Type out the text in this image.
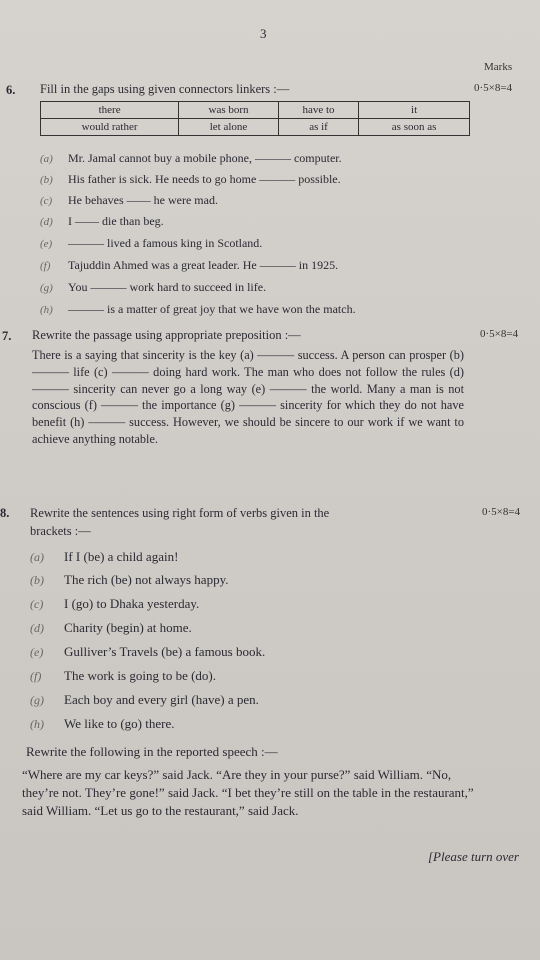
3
Marks
6. Fill in the gaps using given connectors linkers :—	0·5×8=4
there	was born	have to	it
would rather	let alone	as if	as soon as
(a) Mr. Jamal cannot buy a mobile phone, ——— computer.
(b) His father is sick. He needs to go home ——— possible.
(c) He behaves —— he were mad.
(d) I —— die than beg.
(e) ——— lived a famous king in Scotland.
(f) Tajuddin Ahmed was a great leader. He ——— in 1925.
(g) You ——— work hard to succeed in life.
(h) ——— is a matter of great joy that we have won the match.
7. Rewrite the passage using appropriate preposition :—	0·5×8=4
There is a saying that sincerity is the key (a) ——— success. A person can prosper (b) ——— life (c) ——— doing hard work. The man who does not follow the rules (d) ——— sincerity can never go a long way (e) ——— the world. Many a man is not conscious (f) ——— the importance (g) ——— sincerity for which they do not have benefit (h) ——— success. However, we should be sincere to our work if we want to achieve anything notable.
8. Rewrite the sentences using right form of verbs given in the
brackets :—
0·5×8=4
(a) If I (be) a child again!
(b) The rich (be) not always happy.
(c) I (go) to Dhaka yesterday.
(d) Charity (begin) at home.
(e) Gulliver’s Travels (be) a famous book.
(f) The work is going to be (do).
(g) Each boy and every girl (have) a pen.
(h) We like to (go) there.
Rewrite the following in the reported speech :—
“Where are my car keys?” said Jack. “Are they in your purse?” said William. “No, they’re not. They’re gone!” said Jack. “I bet they’re still on the table in the restaurant,” said William. “Let us go to the restaurant,” said Jack.
[Please turn over
